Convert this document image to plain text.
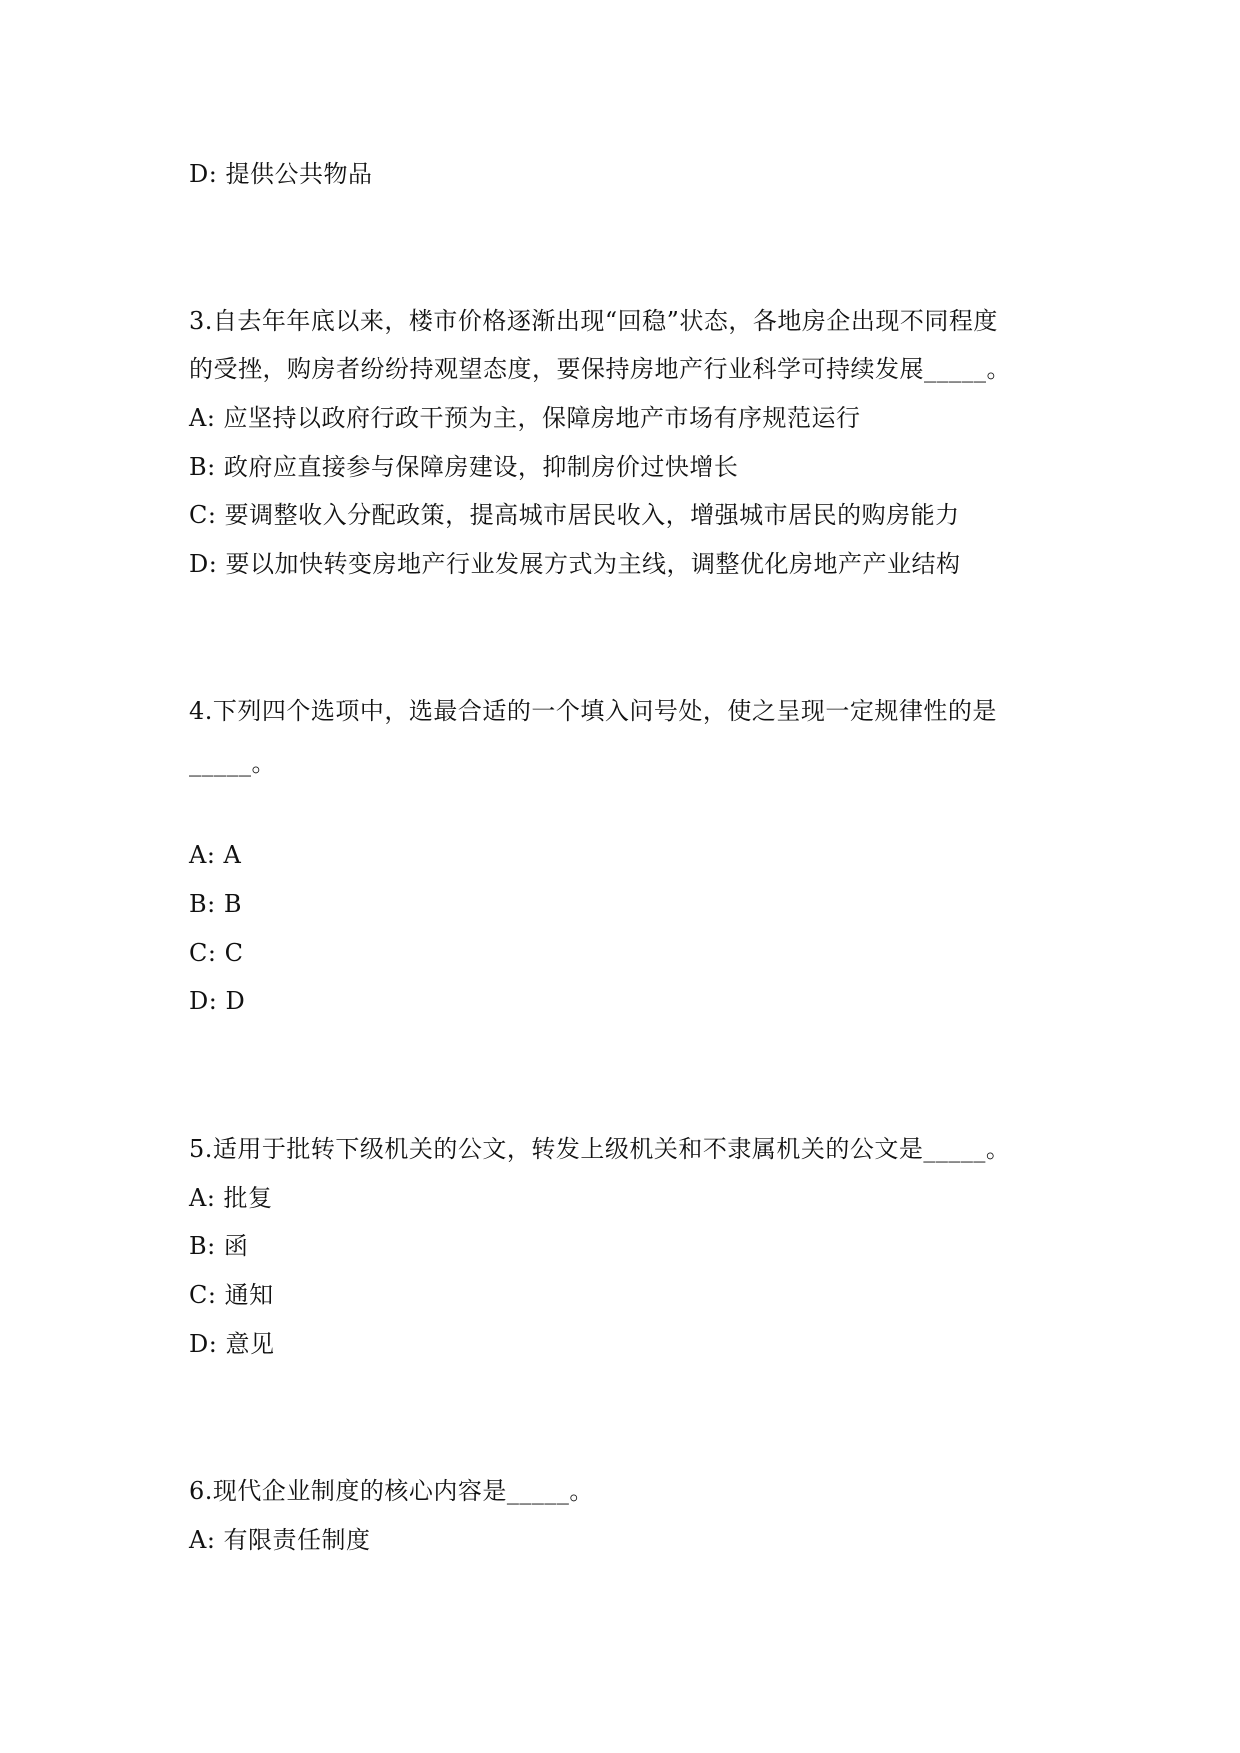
D: 提供公共物品
3.自去年年底以来，楼市价格逐渐出现“回稳”状态，各地房企出现不同程度
的受挫，购房者纷纷持观望态度，要保持房地产行业科学可持续发展_____。
A: 应坚持以政府行政干预为主，保障房地产市场有序规范运行
B: 政府应直接参与保障房建设，抑制房价过快增长
C: 要调整收入分配政策，提高城市居民收入，增强城市居民的购房能力
D: 要以加快转变房地产行业发展方式为主线，调整优化房地产产业结构
4.下列四个选项中，选最合适的一个填入问号处，使之呈现一定规律性的是
_____。
A: A
B: B
C: C
D: D
5.适用于批转下级机关的公文，转发上级机关和不隶属机关的公文是_____。
A: 批复
B: 函
C: 通知
D: 意见
6.现代企业制度的核心内容是_____。
A: 有限责任制度
